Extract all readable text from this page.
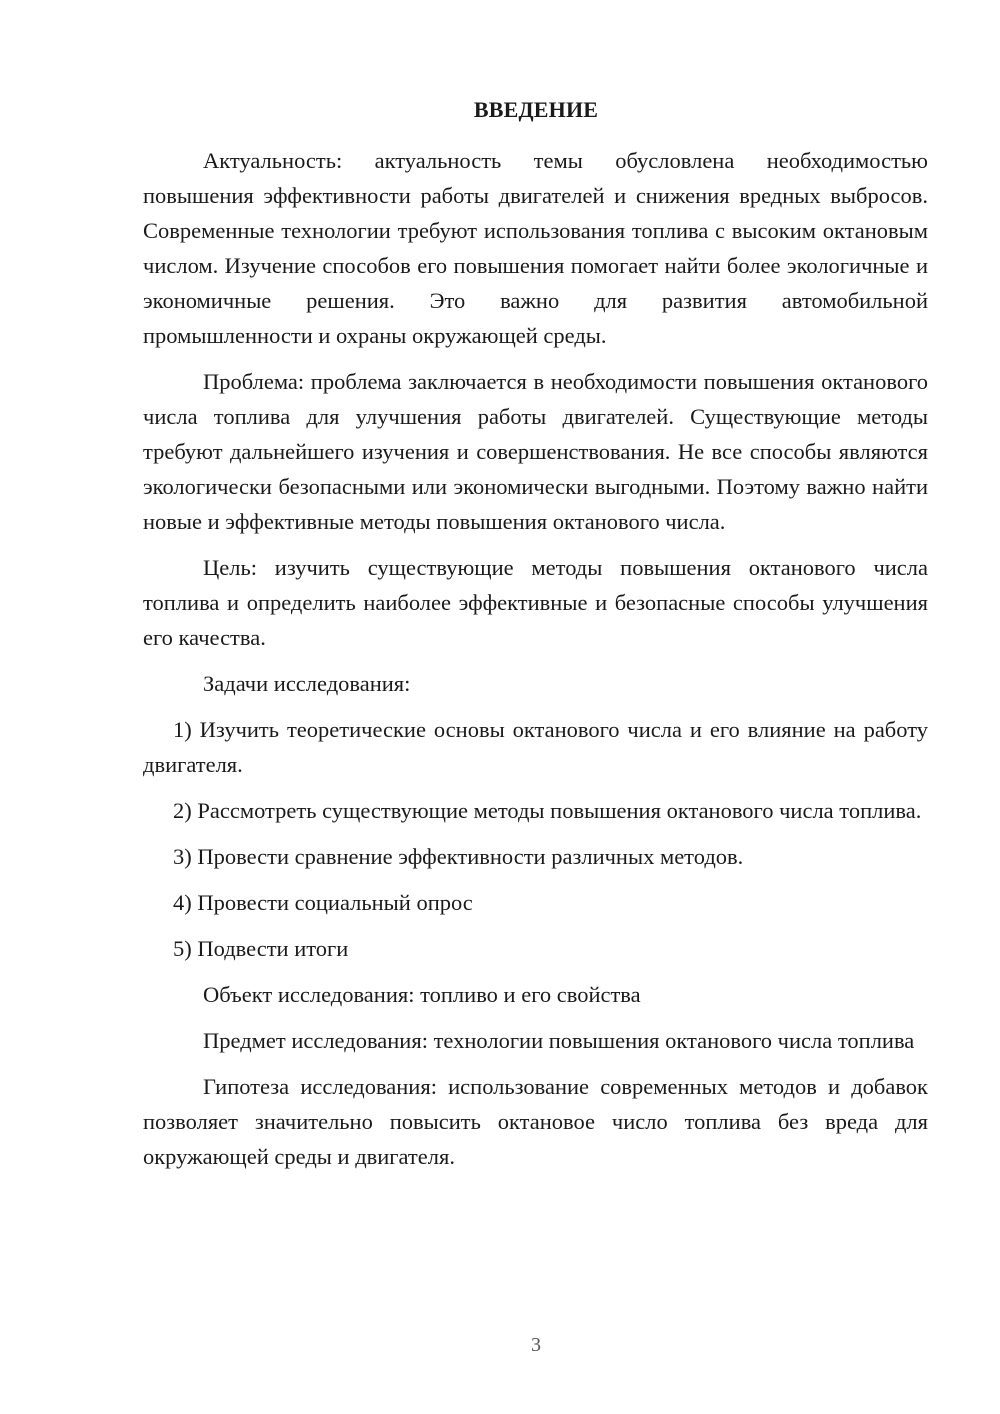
ВВЕДЕНИЕ

Актуальность: актуальность темы обусловлена необходимостью повышения эффективности работы двигателей и снижения вредных выбросов. Современные технологии требуют использования топлива с высоким октановым числом. Изучение способов его повышения помогает найти более экологичные и экономичные решения. Это важно для развития автомобильной промышленности и охраны окружающей среды.

Проблема: проблема заключается в необходимости повышения октанового числа топлива для улучшения работы двигателей. Существующие методы требуют дальнейшего изучения и совершенствования. Не все способы являются экологически безопасными или экономически выгодными. Поэтому важно найти новые и эффективные методы повышения октанового числа.

Цель: изучить существующие методы повышения октанового числа топлива и определить наиболее эффективные и безопасные способы улучшения его качества.

Задачи исследования:

1) Изучить теоретические основы октанового числа и его влияние на работу двигателя.

2) Рассмотреть существующие методы повышения октанового числа топлива.

3) Провести сравнение эффективности различных методов.

4) Провести социальный опрос

5) Подвести итоги

Объект исследования: топливо и его свойства

Предмет исследования: технологии повышения октанового числа топлива

Гипотеза исследования: использование современных методов и добавок позволяет значительно повысить октановое число топлива без вреда для окружающей среды и двигателя.

3
